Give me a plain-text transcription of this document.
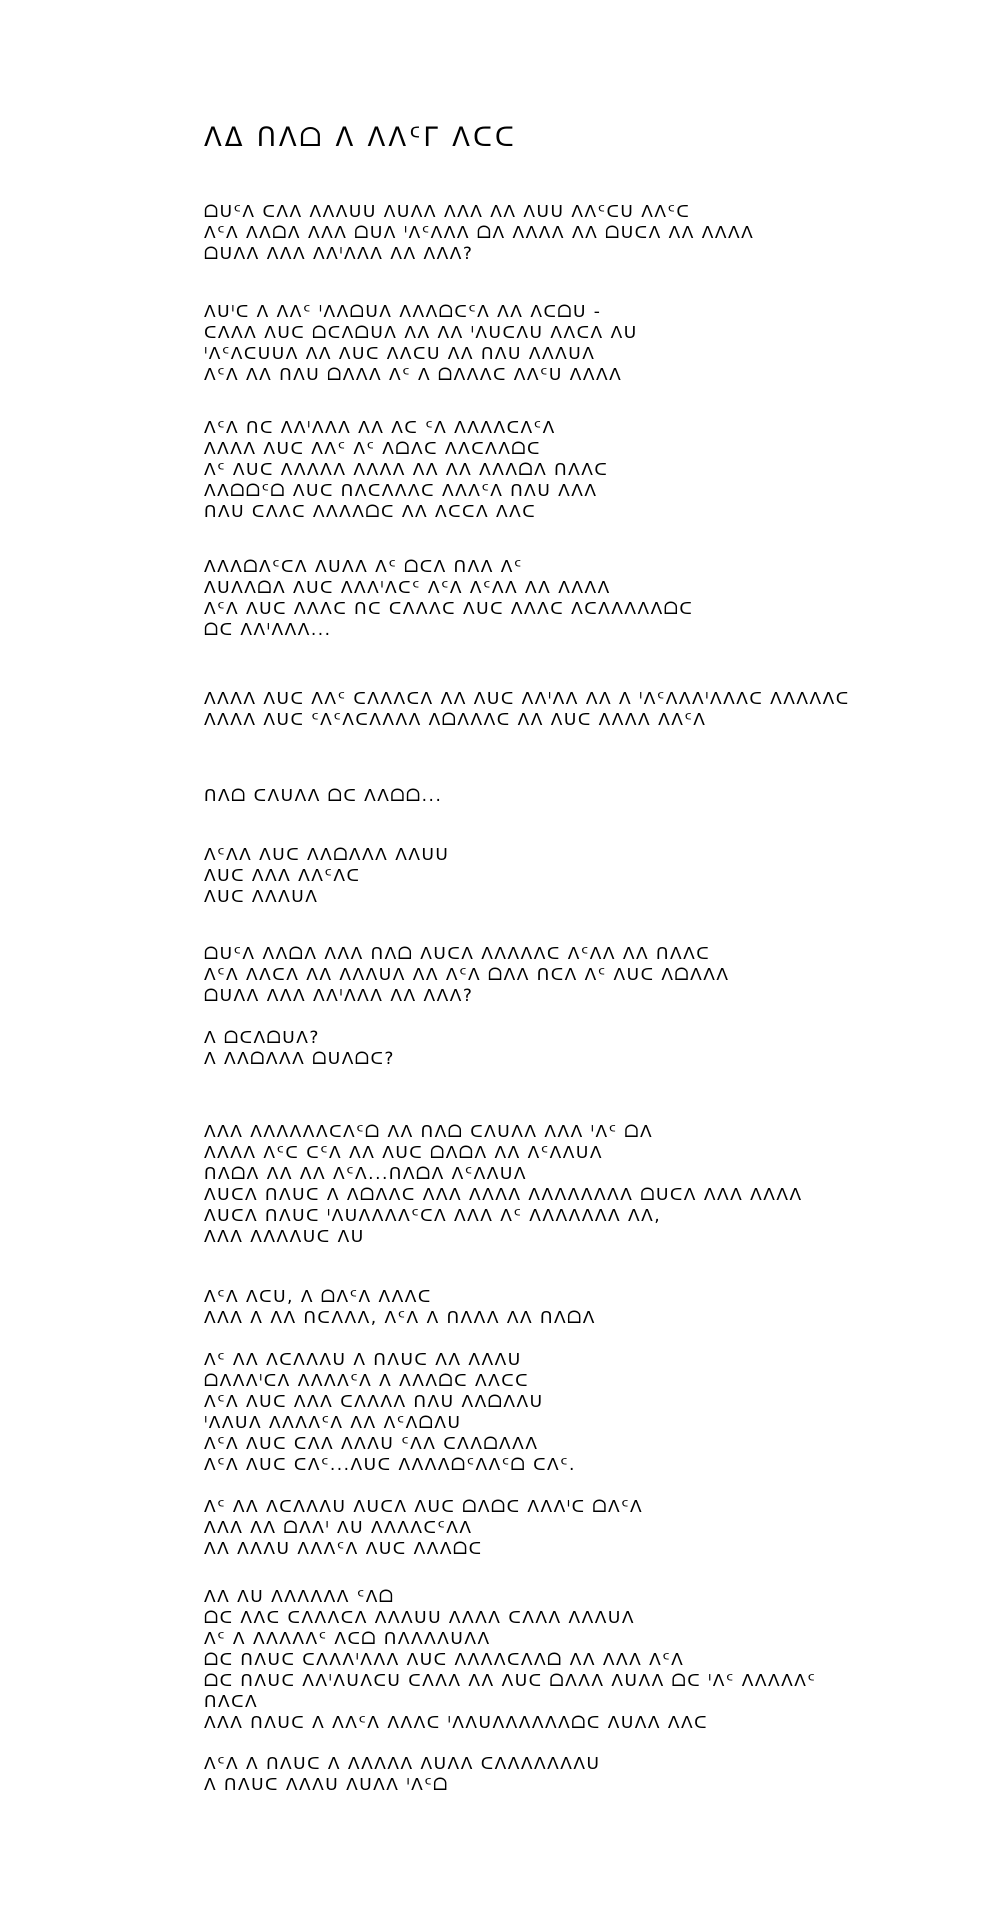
ᐱᐃ ᑎᐱᗝ ᐱ ᐱᐱᑦᒥ ᐱᑕᑕ
ᗝᑌᑦᐱ ᑕᐱᐱ ᐱᐱᐱᑌᑌ ᐱᑌᐱᐱ ᐱᐱᐱ ᐱᐱ ᐱᑌᑌ ᐱᐱᑦᑕᑌ ᐱᐱᑦᑕ
ᐱᑦᐱ ᐱᐱᗝᐱ ᐱᐱᐱ ᗝᑌᐱ ᑊᐱᑦᐱᐱᐱ ᗝᐱ ᐱᐱᐱᐱ ᐱᐱ ᗝᑌᑕᐱ ᐱᐱ ᐱᐱᐱᐱ
ᗝᑌᐱᐱ ᐱᐱᐱ ᐱᐱᑊᐱᐱᐱ ᐱᐱ ᐱᐱᐱ?
ᐱᑌᑊᑕ ᐱ ᐱᐱᑦ ᑊᐱᐱᗝᑌᐱ ᐱᐱᐱᗝᑕᑦᐱ ᐱᐱ ᐱᑕᗝᑌ -
ᑕᐱᐱᐱ ᐱᑌᑕ ᗝᑕᐱᗝᑌᐱ ᐱᐱ ᐱᐱ ᑊᐱᑌᑕᐱᑌ ᐱᐱᑕᐱ ᐱᑌ
ᑊᐱᑦᐱᑕᑌᑌᐱ ᐱᐱ ᐱᑌᑕ ᐱᐱᑕᑌ ᐱᐱ ᑎᐱᑌ ᐱᐱᐱᑌᐱ
ᐱᑦᐱ ᐱᐱ ᑎᐱᑌ ᗝᐱᐱᐱ ᐱᑦ ᐱ ᗝᐱᐱᐱᑕ ᐱᐱᑦᑌ ᐱᐱᐱᐱ
ᐱᑦᐱ ᑎᑕ ᐱᐱᑊᐱᐱᐱ ᐱᐱ ᐱᑕ ᑦᐱ ᐱᐱᐱᐱᑕᐱᑦᐱ
ᐱᐱᐱᐱ ᐱᑌᑕ ᐱᐱᑦ ᐱᑦ ᐱᗝᐱᑕ ᐱᐱᑕᐱᐱᗝᑕ
ᐱᑦ ᐱᑌᑕ ᐱᐱᐱᐱᐱ ᐱᐱᐱᐱ ᐱᐱ ᐱᐱ ᐱᐱᐱᗝᐱ ᑎᐱᐱᑕ
ᐱᐱᗝᗝᑦᗝ ᐱᑌᑕ ᑎᐱᑕᐱᐱᐱᑕ ᐱᐱᐱᑦᐱ ᑎᐱᑌ ᐱᐱᐱ
ᑎᐱᑌ ᑕᐱᐱᑕ ᐱᐱᐱᐱᗝᑕ ᐱᐱ ᐱᑕᑕᐱ ᐱᐱᑕ
ᐱᐱᐱᗝᐱᑦᑕᐱ ᐱᑌᐱᐱ ᐱᑦ ᗝᑕᐱ ᑎᐱᐱ ᐱᑦ
ᐱᑌᐱᐱᗝᐱ ᐱᑌᑕ ᐱᐱᐱᑊᐱᑕᑦ ᐱᑦᐱ ᐱᑦᐱᐱ ᐱᐱ ᐱᐱᐱᐱ
ᐱᑦᐱ ᐱᑌᑕ ᐱᐱᐱᑕ ᑎᑕ ᑕᐱᐱᐱᑕ ᐱᑌᑕ ᐱᐱᐱᑕ ᐱᑕᐱᐱᐱᐱᐱᗝᑕ
ᗝᑕ ᐱᐱᑊᐱᐱᐱ...
ᐱᐱᐱᐱ ᐱᑌᑕ ᐱᐱᑦ ᑕᐱᐱᐱᑕᐱ ᐱᐱ ᐱᑌᑕ ᐱᐱᑊᐱᐱ ᐱᐱ ᐱ ᑊᐱᑦᐱᐱᐱᑊᐱᐱᐱᑕ ᐱᐱᐱᐱᐱᑕ
ᐱᐱᐱᐱ ᐱᑌᑕ ᑦᐱᑦᐱᑕᐱᐱᐱᐱ ᐱᗝᐱᐱᐱᑕ ᐱᐱ ᐱᑌᑕ ᐱᐱᐱᐱ ᐱᐱᑦᐱ
ᑎᐱᗝ ᑕᐱᑌᐱᐱ ᗝᑕ ᐱᐱᗝᗝ...
ᐱᑦᐱᐱ ᐱᑌᑕ ᐱᐱᗝᐱᐱᐱ ᐱᐱᑌᑌ
ᐱᑌᑕ ᐱᐱᐱ ᐱᐱᑦᐱᑕ
ᐱᑌᑕ ᐱᐱᐱᑌᐱ
ᗝᑌᑦᐱ ᐱᐱᗝᐱ ᐱᐱᐱ ᑎᐱᗝ ᐱᑌᑕᐱ ᐱᐱᐱᐱᐱᑕ ᐱᑦᐱᐱ ᐱᐱ ᑎᐱᐱᑕ
ᐱᑦᐱ ᐱᐱᑕᐱ ᐱᐱ ᐱᐱᐱᑌᐱ ᐱᐱ ᐱᑦᐱ ᗝᐱᐱ ᑎᑕᐱ ᐱᑦ ᐱᑌᑕ ᐱᗝᐱᐱᐱ
ᗝᑌᐱᐱ ᐱᐱᐱ ᐱᐱᑊᐱᐱᐱ ᐱᐱ ᐱᐱᐱ?
ᐱ ᗝᑕᐱᗝᑌᐱ?
ᐱ ᐱᐱᗝᐱᐱᐱ ᗝᑌᐱᗝᑕ?
ᐱᐱᐱ ᐱᐱᐱᐱᐱᐱᑕᐱᑦᗝ ᐱᐱ ᑎᐱᗝ ᑕᐱᑌᐱᐱ ᐱᐱᐱ ᑊᐱᑦ ᗝᐱ
ᐱᐱᐱᐱ ᐱᑦᑕ ᑕᑦᐱ ᐱᐱ ᐱᑌᑕ ᗝᐱᗝᐱ ᐱᐱ ᐱᑦᐱᐱᑌᐱ
ᑎᐱᗝᐱ ᐱᐱ ᐱᐱ ᐱᑦᐱ...ᑎᐱᗝᐱ ᐱᑦᐱᐱᑌᐱ
ᐱᑌᑕᐱ ᑎᐱᑌᑕ ᐱ ᐱᗝᐱᐱᑕ ᐱᐱᐱ ᐱᐱᐱᐱ ᐱᐱᐱᐱᐱᐱᐱᐱ ᗝᑌᑕᐱ ᐱᐱᐱ ᐱᐱᐱᐱ
ᐱᑌᑕᐱ ᑎᐱᑌᑕ ᑊᐱᑌᐱᐱᐱᐱᑦᑕᐱ ᐱᐱᐱ ᐱᑦ ᐱᐱᐱᐱᐱᐱᐱ ᐱᐱ,
ᐱᐱᐱ ᐱᐱᐱᐱᑌᑕ ᐱᑌ
ᐱᑦᐱ ᐱᑕᑌ, ᐱ ᗝᐱᑦᐱ ᐱᐱᐱᑕ
ᐱᐱᐱ ᐱ ᐱᐱ ᑎᑕᐱᐱᐱ, ᐱᑦᐱ ᐱ ᑎᐱᐱᐱ ᐱᐱ ᑎᐱᗝᐱ
ᐱᑦ ᐱᐱ ᐱᑕᐱᐱᐱᑌ ᐱ ᑎᐱᑌᑕ ᐱᐱ ᐱᐱᐱᑌ
ᗝᐱᐱᐱᑊᑕᐱ ᐱᐱᐱᐱᑦᐱ ᐱ ᐱᐱᐱᗝᑕ ᐱᐱᑕᑕ
ᐱᑦᐱ ᐱᑌᑕ ᐱᐱᐱ ᑕᐱᐱᐱᐱ ᑎᐱᑌ ᐱᐱᗝᐱᐱᑌ
ᑊᐱᐱᑌᐱ ᐱᐱᐱᐱᑦᐱ ᐱᐱ ᐱᑦᐱᗝᐱᑌ
ᐱᑦᐱ ᐱᑌᑕ ᑕᐱᐱ ᐱᐱᐱᑌ ᑦᐱᐱ ᑕᐱᐱᗝᐱᐱᐱ
ᐱᑦᐱ ᐱᑌᑕ ᑕᐱᑦ...ᐱᑌᑕ ᐱᐱᐱᐱᗝᑦᐱᐱᑦᗝ ᑕᐱᑦ.
ᐱᑦ ᐱᐱ ᐱᑕᐱᐱᐱᑌ ᐱᑌᑕᐱ ᐱᑌᑕ ᗝᐱᗝᑕ ᐱᐱᐱᑊᑕ ᗝᐱᑦᐱ
ᐱᐱᐱ ᐱᐱ ᗝᐱᐱᑊ ᐱᑌ ᐱᐱᐱᐱᑕᑦᐱᐱ
ᐱᐱ ᐱᐱᐱᑌ ᐱᐱᐱᑦᐱ ᐱᑌᑕ ᐱᐱᐱᗝᑕ
ᐱᐱ ᐱᑌ ᐱᐱᐱᐱᐱᐱ ᑦᐱᗝ
ᗝᑕ ᐱᐱᑕ ᑕᐱᐱᐱᑕᐱ ᐱᐱᐱᑌᑌ ᐱᐱᐱᐱ ᑕᐱᐱᐱ ᐱᐱᐱᑌᐱ
ᐱᑦ ᐱ ᐱᐱᐱᐱᐱᑦ ᐱᑕᗝ ᑎᐱᐱᐱᐱᑌᐱᐱ
ᗝᑕ ᑎᐱᑌᑕ ᑕᐱᐱᐱᑊᐱᐱᐱ ᐱᑌᑕ ᐱᐱᐱᐱᑕᐱᐱᗝ ᐱᐱ ᐱᐱᐱ ᐱᑦᐱ
ᗝᑕ ᑎᐱᑌᑕ ᐱᐱᑊᐱᑌᐱᑕᑌ ᑕᐱᐱᐱ ᐱᐱ ᐱᑌᑕ ᗝᐱᐱᐱ ᐱᑌᐱᐱ ᗝᑕ ᑊᐱᑦ ᐱᐱᐱᐱᐱᑦ
ᑎᐱᑕᐱ
ᐱᐱᐱ ᑎᐱᑌᑕ ᐱ ᐱᐱᑦᐱ ᐱᐱᐱᑕ ᑊᐱᐱᑌᐱᐱᐱᐱᐱᐱᗝᑕ ᐱᑌᐱᐱ ᐱᐱᑕ
ᐱᑦᐱ ᐱ ᑎᐱᑌᑕ ᐱ ᐱᐱᐱᐱᐱ ᐱᑌᐱᐱ ᑕᐱᐱᐱᐱᐱᐱᐱᑌ
ᐱ ᑎᐱᑌᑕ ᐱᐱᐱᑌ ᐱᑌᐱᐱ ᑊᐱᑦᗝ
